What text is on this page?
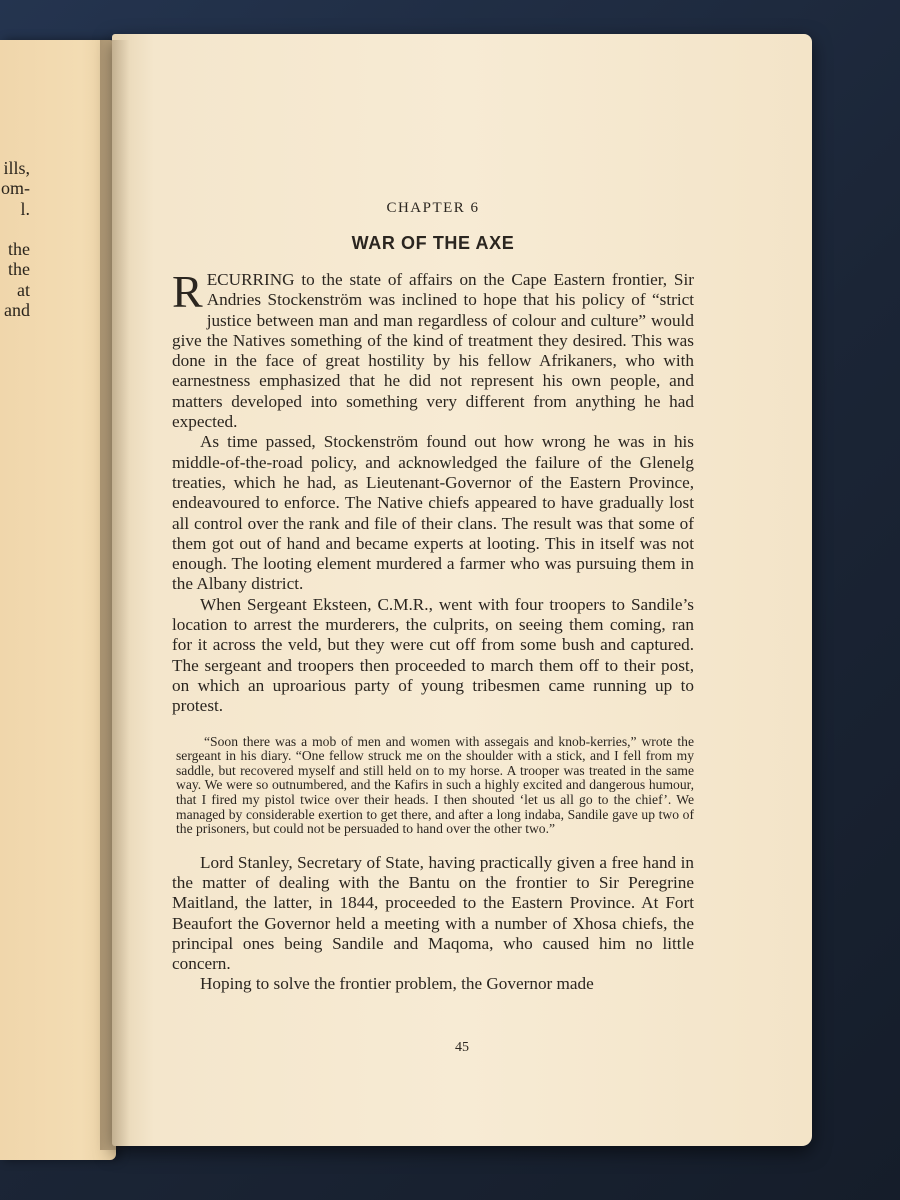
ills,
om-
l.

the
the
at
and

CHAPTER 6

WAR OF THE AXE

RECURRING to the state of affairs on the Cape Eastern frontier, Sir Andries Stockenström was inclined to hope that his policy of “strict justice between man and man regardless of colour and culture” would give the Natives something of the kind of treatment they desired. This was done in the face of great hostility by his fellow Afrikaners, who with earnestness emphasized that he did not represent his own people, and matters developed into something very different from anything he had expected.

As time passed, Stockenström found out how wrong he was in his middle-of-the-road policy, and acknowledged the failure of the Glenelg treaties, which he had, as Lieutenant-Governor of the Eastern Province, endeavoured to enforce. The Native chiefs appeared to have gradually lost all control over the rank and file of their clans. The result was that some of them got out of hand and became experts at looting. This in itself was not enough. The looting element murdered a farmer who was pursuing them in the Albany district.

When Sergeant Eksteen, C.M.R., went with four troopers to Sandile’s location to arrest the murderers, the culprits, on seeing them coming, ran for it across the veld, but they were cut off from some bush and captured. The sergeant and troopers then proceeded to march them off to their post, on which an uproarious party of young tribesmen came running up to protest.

“Soon there was a mob of men and women with assegais and knob-kerries,” wrote the sergeant in his diary. “One fellow struck me on the shoulder with a stick, and I fell from my saddle, but recovered myself and still held on to my horse. A trooper was treated in the same way. We were so outnumbered, and the Kafirs in such a highly excited and dangerous humour, that I fired my pistol twice over their heads. I then shouted ‘let us all go to the chief’. We managed by considerable exertion to get there, and after a long indaba, Sandile gave up two of the prisoners, but could not be persuaded to hand over the other two.”

Lord Stanley, Secretary of State, having practically given a free hand in the matter of dealing with the Bantu on the frontier to Sir Peregrine Maitland, the latter, in 1844, proceeded to the Eastern Province. At Fort Beaufort the Governor held a meeting with a number of Xhosa chiefs, the principal ones being Sandile and Maqoma, who caused him no little concern.

Hoping to solve the frontier problem, the Governor made

45
